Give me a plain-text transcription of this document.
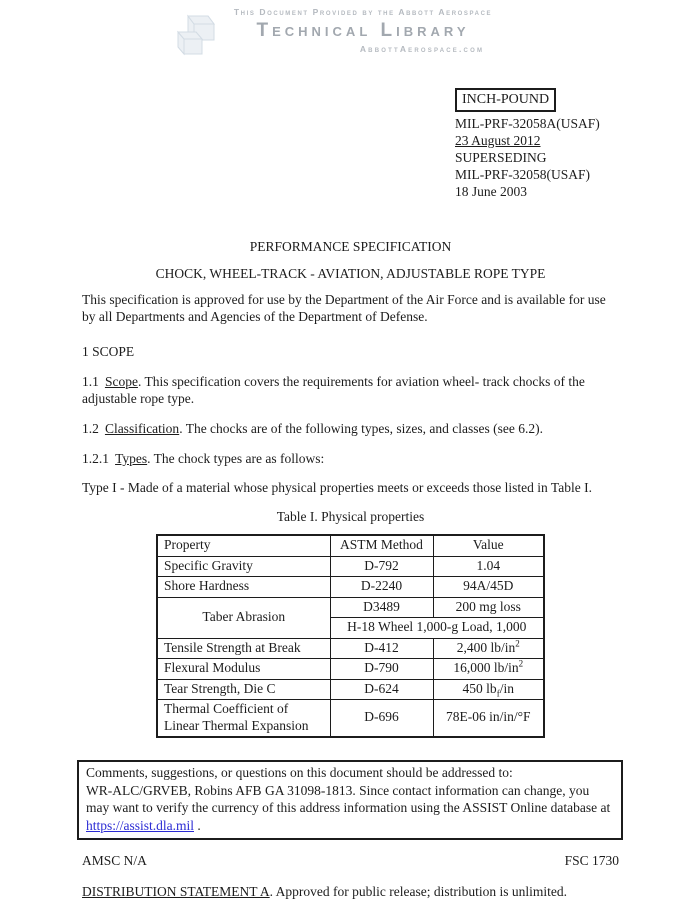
This Document Provided by the Abbott Aerospace
Technical Library
AbbottAerospace.com
INCH-POUND
MIL-PRF-32058A(USAF)
23 August 2012
SUPERSEDING
MIL-PRF-32058(USAF)
18 June 2003
PERFORMANCE SPECIFICATION
CHOCK, WHEEL-TRACK - AVIATION, ADJUSTABLE ROPE TYPE

This specification is approved for use by the Department of the Air Force and is available for use by all Departments and Agencies of the Department of Defense.

1 SCOPE

1.1 Scope. This specification covers the requirements for aviation wheel- track chocks of the adjustable rope type.

1.2 Classification. The chocks are of the following types, sizes, and classes (see 6.2).

1.2.1 Types. The chock types are as follows:

Type I - Made of a material whose physical properties meets or exceeds those listed in Table I.

Table I. Physical properties
Property	ASTM Method	Value
Specific Gravity	D-792	1.04
Shore Hardness	D-2240	94A/45D
Taber Abrasion	D3489	200 mg loss
	H-18 Wheel 1,000-g Load, 1,000	
Tensile Strength at Break	D-412	2,400 $lb/in^2$
Flexural Modulus	D-790	16,000 $lb/in^2$
Tear Strength, Die C	D-624	450 $lb_f/in$
Thermal Coefficient of Linear Thermal Expansion	D-696	78E-06 in/in/°F
Comments, suggestions, or questions on this document should be addressed to:
WR-ALC/GRVEB, Robins AFB GA 31098-1813. Since contact information can change, you may want to verify the currency of this address information using the ASSIST Online database at https://assist.dla.mil .
AMSC N/A	FSC 1730

DISTRIBUTION STATEMENT A. Approved for public release; distribution is unlimited.
